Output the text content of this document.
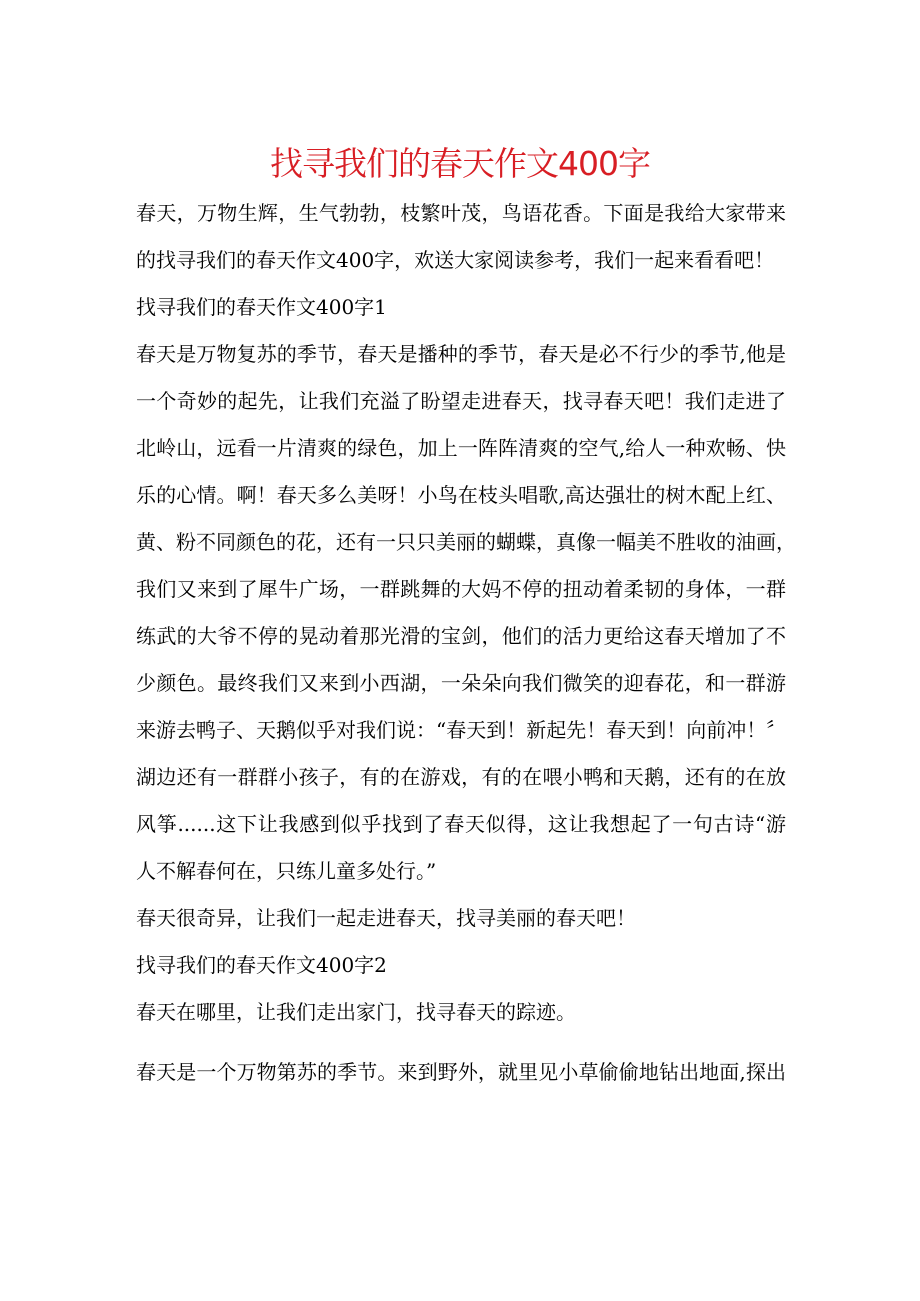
找寻我们的春天作文400字
春天，万物生辉，生气勃勃，枝繁叶茂，鸟语花香。下面是我给大家带来
的找寻我们的春天作文400字，欢送大家阅读参考，我们一起来看看吧！
找寻我们的春天作文400字1
春天是万物复苏的季节，春天是播种的季节，春天是必不行少的季节,他是
一个奇妙的起先，让我们充溢了盼望走进春天，找寻春天吧！我们走进了
北岭山，远看一片清爽的绿色，加上一阵阵清爽的空气,给人一种欢畅、快
乐的心情。啊！春天多么美呀！小鸟在枝头唱歌,高达强壮的树木配上红、
黄、粉不同颜色的花，还有一只只美丽的蝴蝶，真像一幅美不胜收的油画，
我们又来到了犀牛广场，一群跳舞的大妈不停的扭动着柔韧的身体，一群
练武的大爷不停的晃动着那光滑的宝剑，他们的活力更给这春天增加了不
少颜色。最终我们又来到小西湖，一朵朵向我们微笑的迎春花，和一群游
来游去鸭子、天鹅似乎对我们说：“春天到！新起先！春天到！向前冲！〞
湖边还有一群群小孩子，有的在游戏，有的在喂小鸭和天鹅，还有的在放
风筝......这下让我感到似乎找到了春天似得，这让我想起了一句古诗“游
人不解春何在，只练儿童多处行。”
春天很奇异，让我们一起走进春天，找寻美丽的春天吧！
找寻我们的春天作文400字2
春天在哪里，让我们走出家门，找寻春天的踪迹。
春天是一个万物第苏的季节。来到野外，就里见小草偷偷地钻出地面,探出
